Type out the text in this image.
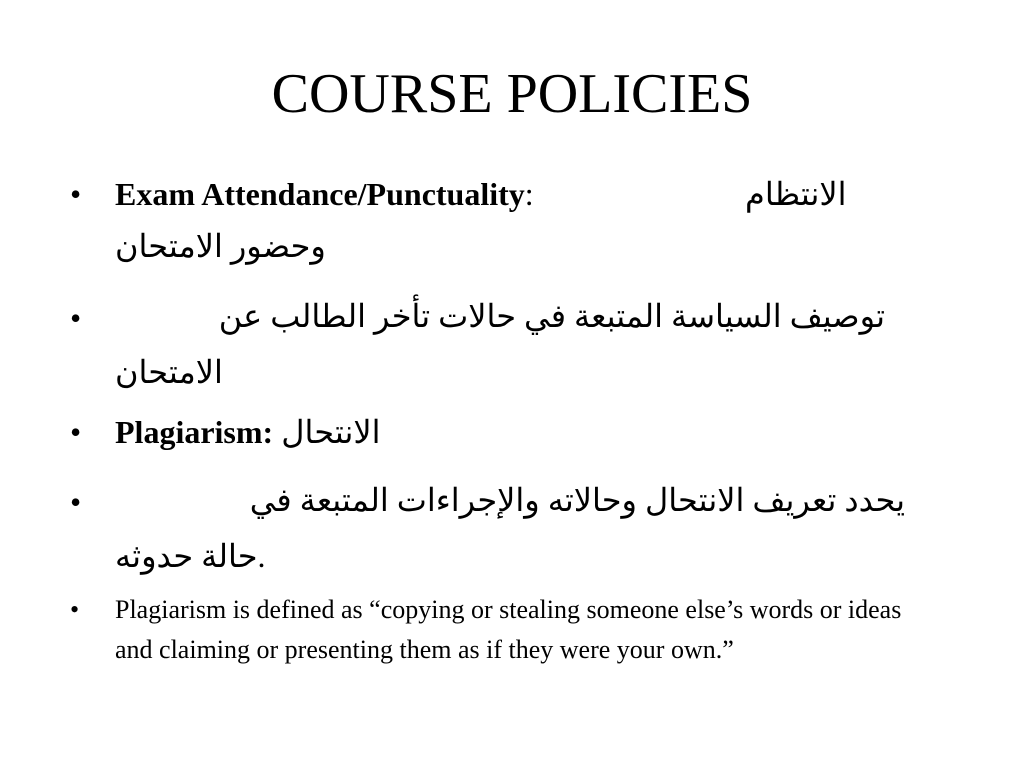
COURSE POLICIES
•	Exam Attendance/Punctuality:	الانتظام
وحضور الامتحان
•	توصيف السياسة المتبعة في حالات تأخر الطالب عن
الامتحان
•	Plagiarism: الانتحال
•	يحدد تعريف الانتحال وحالاته والإجراءات المتبعة في
حالة حدوثه.
•	Plagiarism is defined as “copying or stealing someone else’s words or ideas and claiming or presenting them as if they were your own.”
